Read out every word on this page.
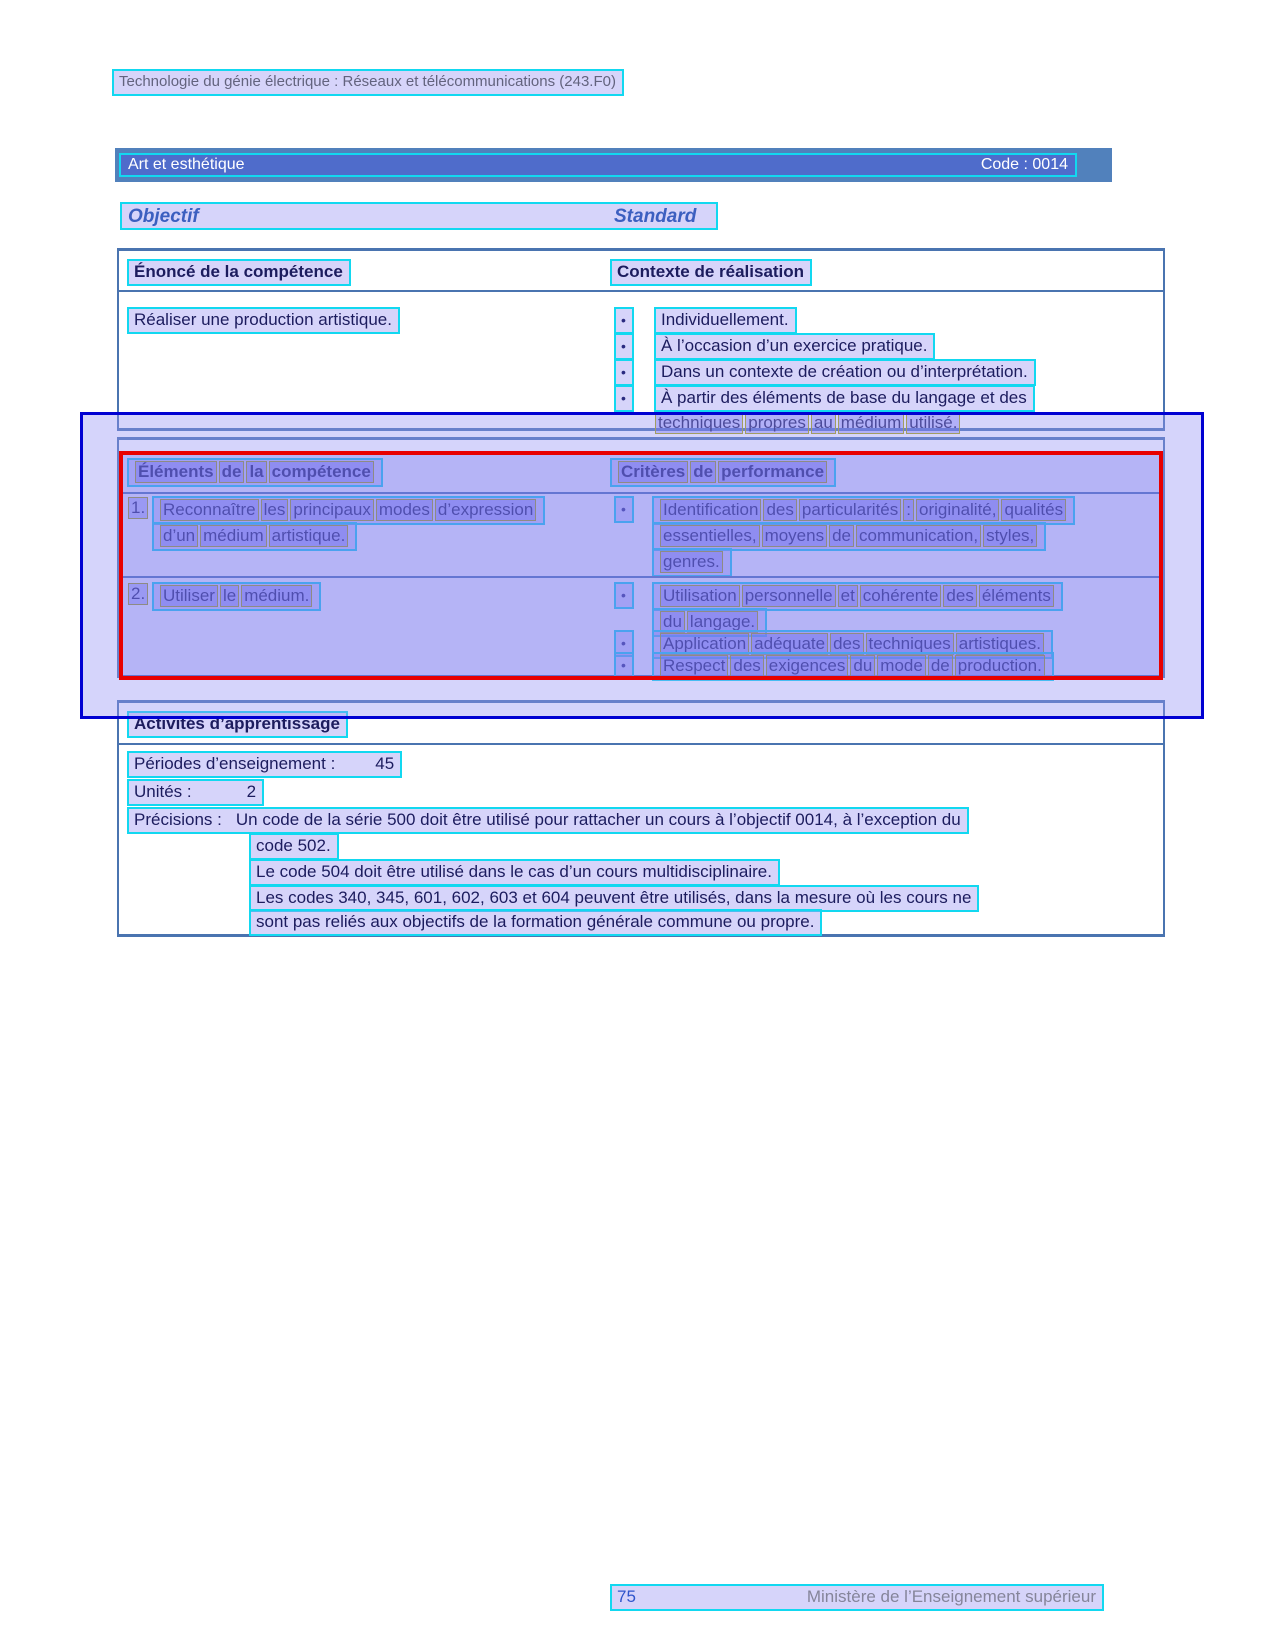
Technologie du génie électrique : Réseaux et télécommunications (243.F0)
Art et esthétique	Code : 0014
Objectif	Standard
Énoncé de la compétence	Contexte de réalisation
Réaliser une production artistique.	•	Individuellement.
•	À l’occasion d’un exercice pratique.
•	Dans un contexte de création ou d’interprétation.
•	À partir des éléments de base du langage et des
techniques propres au médium utilisé.
Éléments de la compétence	Critères de performance
1.	Reconnaître les principaux modes d’expression
d’un médium artistique.
•	Identification des particularités : originalité, qualités
essentielles, moyens de communication, styles,
genres.
2.	Utiliser le médium.	•	Utilisation personnelle et cohérente des éléments
du langage.
•	Application adéquate des techniques artistiques.
•	Respect des exigences du mode de production.
Activités d’apprentissage
Périodes d’enseignement : 45
Unités :	2
Précisions : Un code de la série 500 doit être utilisé pour rattacher un cours à l’objectif 0014, à l’exception du
code 502.
Le code 504 doit être utilisé dans le cas d’un cours multidisciplinaire.
Les codes 340, 345, 601, 602, 603 et 604 peuvent être utilisés, dans la mesure où les cours ne
sont pas reliés aux objectifs de la formation générale commune ou propre.
75	Ministère de l’Enseignement supérieur
